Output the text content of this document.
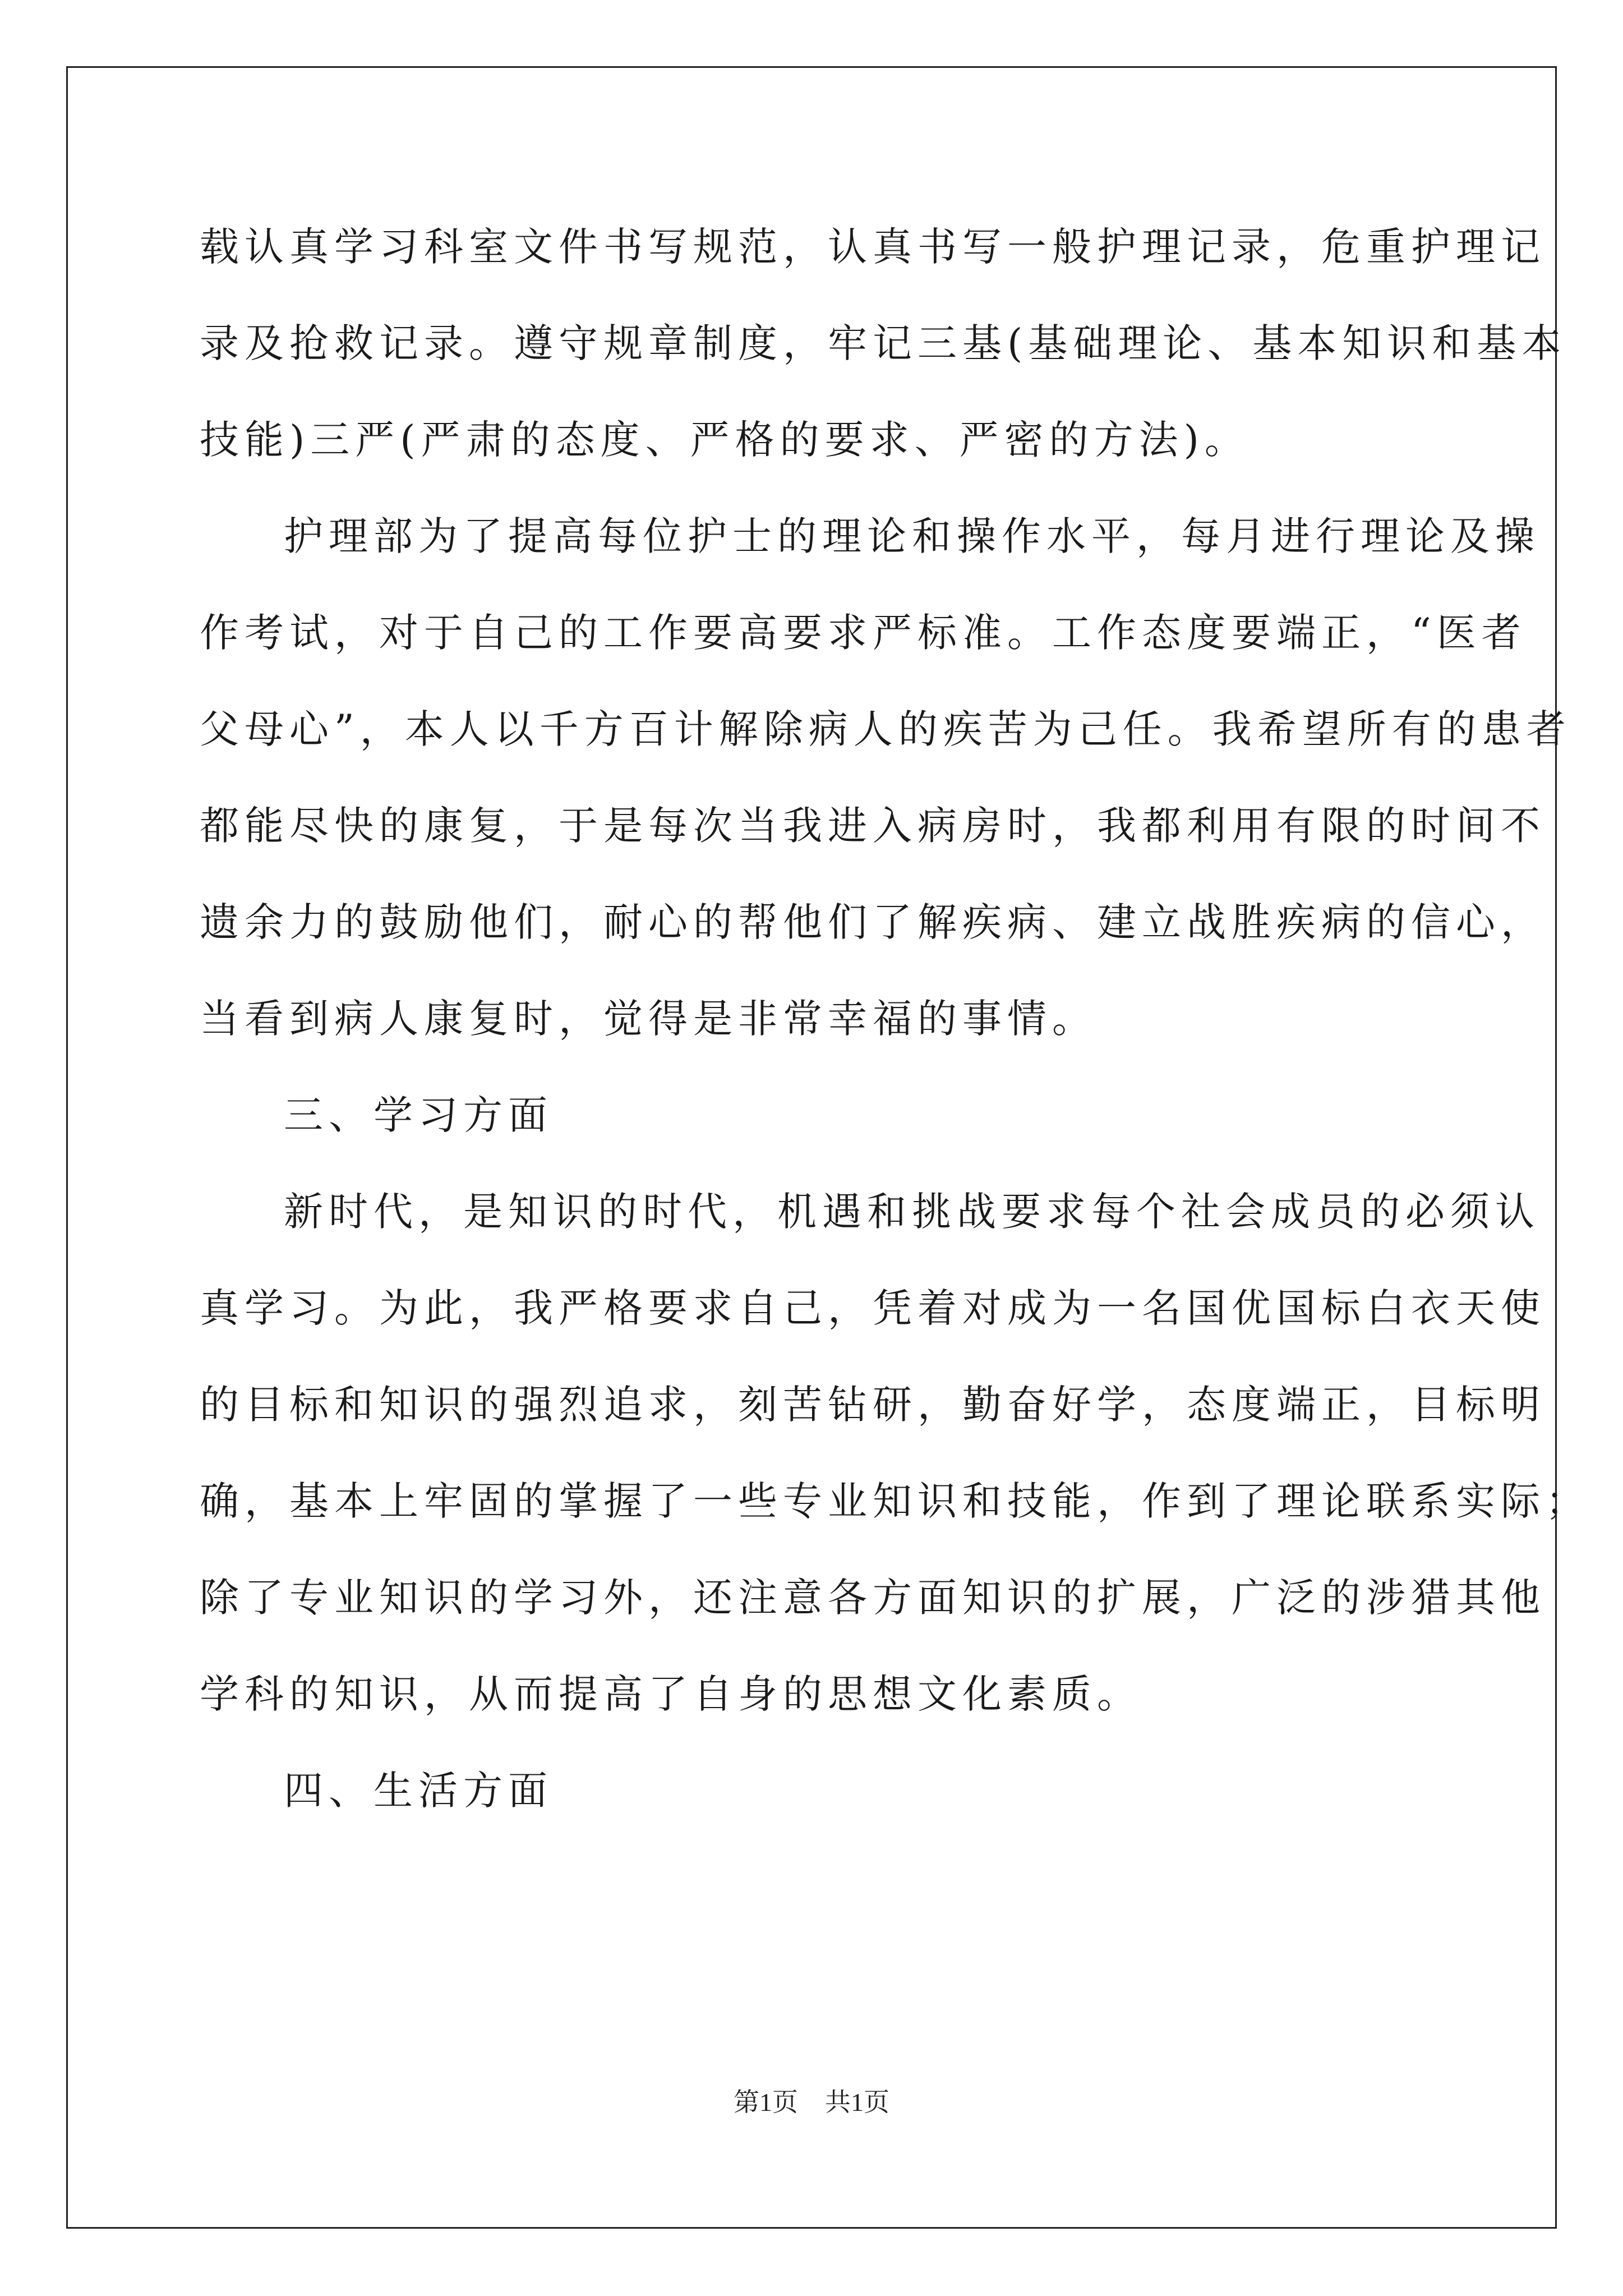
载认真学习科室文件书写规范，认真书写一般护理记录，危重护理记
录及抢救记录。遵守规章制度，牢记三基(基础理论、基本知识和基本
技能)三严(严肃的态度、严格的要求、严密的方法)。
护理部为了提高每位护士的理论和操作水平，每月进行理论及操
作考试，对于自己的工作要高要求严标准。工作态度要端正，“医者
父母心”，本人以千方百计解除病人的疾苦为己任。我希望所有的患者
都能尽快的康复，于是每次当我进入病房时，我都利用有限的时间不
遗余力的鼓励他们，耐心的帮他们了解疾病、建立战胜疾病的信心，
当看到病人康复时，觉得是非常幸福的事情。
三、学习方面
新时代，是知识的时代，机遇和挑战要求每个社会成员的必须认
真学习。为此，我严格要求自己，凭着对成为一名国优国标白衣天使
的目标和知识的强烈追求，刻苦钻研，勤奋好学，态度端正，目标明
确，基本上牢固的掌握了一些专业知识和技能，作到了理论联系实际；
除了专业知识的学习外，还注意各方面知识的扩展，广泛的涉猎其他
学科的知识，从而提高了自身的思想文化素质。
四、生活方面
第1页 共1页
